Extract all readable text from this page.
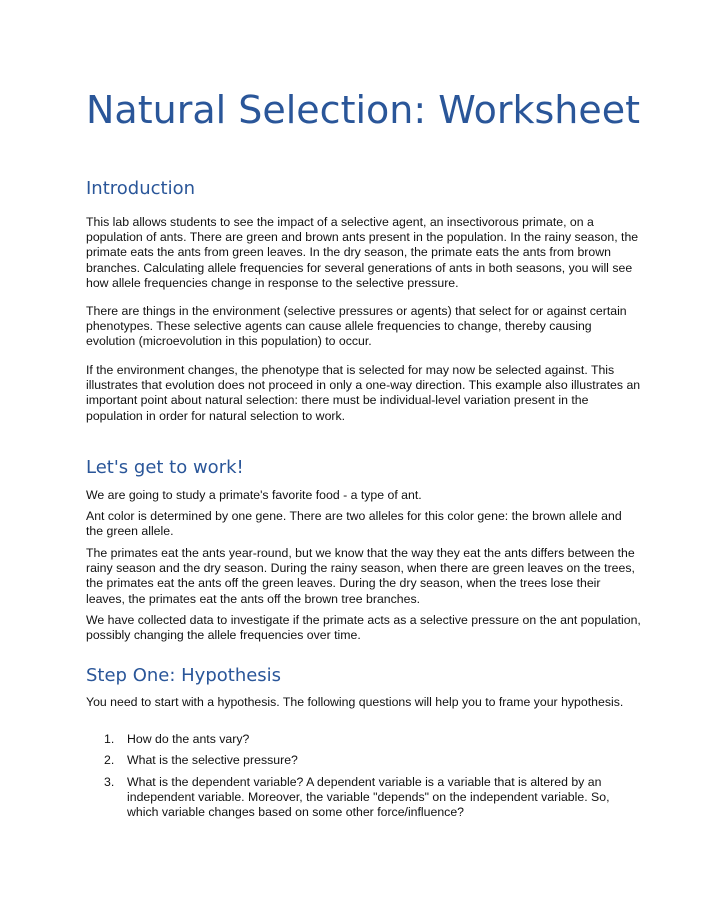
Natural Selection: Worksheet
Introduction

This lab allows students to see the impact of a selective agent, an insectivorous primate, on a population of ants. There are green and brown ants present in the population. In the rainy season, the primate eats the ants from green leaves. In the dry season, the primate eats the ants from brown branches. Calculating allele frequencies for several generations of ants in both seasons, you will see how allele frequencies change in response to the selective pressure.

There are things in the environment (selective pressures or agents) that select for or against certain phenotypes. These selective agents can cause allele frequencies to change, thereby causing evolution (microevolution in this population) to occur.

If the environment changes, the phenotype that is selected for may now be selected against. This illustrates that evolution does not proceed in only a one-way direction. This example also illustrates an important point about natural selection: there must be individual-level variation present in the population in order for natural selection to work.

Let's get to work!

We are going to study a primate's favorite food - a type of ant.

Ant color is determined by one gene. There are two alleles for this color gene: the brown allele and the green allele.

The primates eat the ants year-round, but we know that the way they eat the ants differs between the rainy season and the dry season. During the rainy season, when there are green leaves on the trees, the primates eat the ants off the green leaves. During the dry season, when the trees lose their leaves, the primates eat the ants off the brown tree branches.

We have collected data to investigate if the primate acts as a selective pressure on the ant population, possibly changing the allele frequencies over time.

Step One: Hypothesis

You need to start with a hypothesis. The following questions will help you to frame your hypothesis.

1.	How do the ants vary?
2.	What is the selective pressure?
3.	What is the dependent variable? A dependent variable is a variable that is altered by an independent variable. Moreover, the variable "depends" on the independent variable. So, which variable changes based on some other force/influence?
